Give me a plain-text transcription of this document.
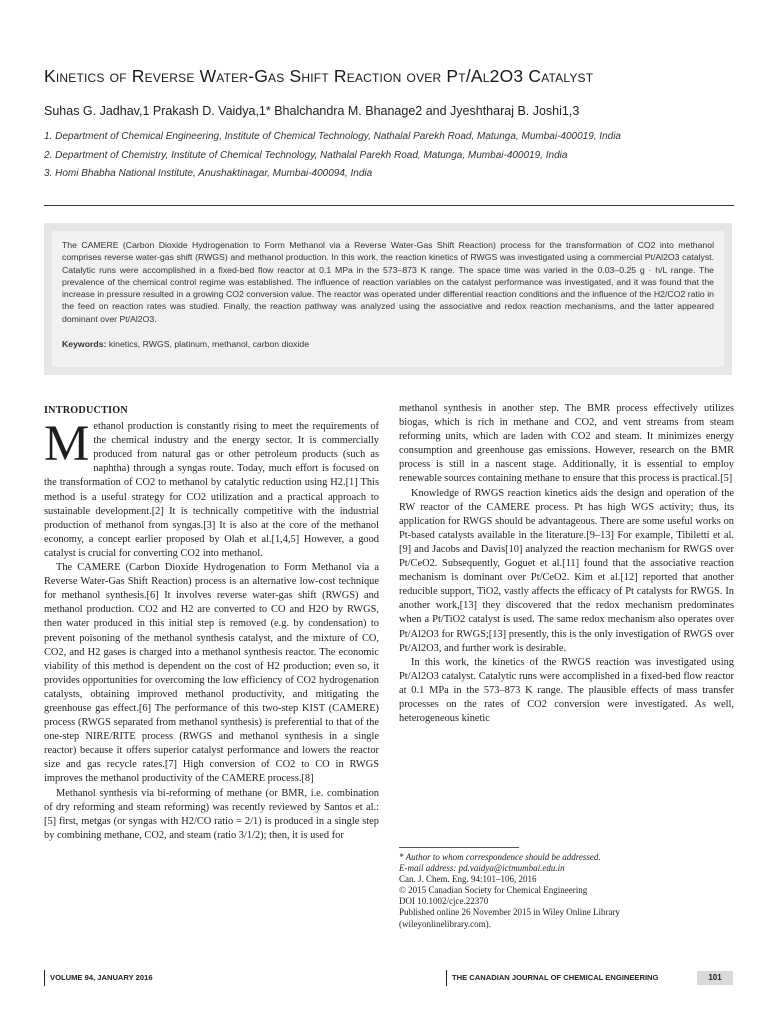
Kinetics of Reverse Water-Gas Shift Reaction over Pt/Al2O3 Catalyst
Suhas G. Jadhav,1 Prakash D. Vaidya,1* Bhalchandra M. Bhanage2 and Jyeshtharaj B. Joshi1,3
1. Department of Chemical Engineering, Institute of Chemical Technology, Nathalal Parekh Road, Matunga, Mumbai-400019, India
2. Department of Chemistry, Institute of Chemical Technology, Nathalal Parekh Road, Matunga, Mumbai-400019, India
3. Homi Bhabha National Institute, Anushaktinagar, Mumbai-400094, India

The CAMERE (Carbon Dioxide Hydrogenation to Form Methanol via a Reverse Water-Gas Shift Reaction) process for the transformation of CO2 into methanol comprises reverse water-gas shift (RWGS) and methanol production. In this work, the reaction kinetics of RWGS was investigated using a commercial Pt/Al2O3 catalyst. Catalytic runs were accomplished in a fixed-bed flow reactor at 0.1 MPa in the 573–873 K range. The space time was varied in the 0.03–0.25 g · h/L range. The prevalence of the chemical control regime was established. The influence of reaction variables on the catalyst performance was investigated, and it was found that the increase in pressure resulted in a growing CO2 conversion value. The reactor was operated under differential reaction conditions and the influence of the H2/CO2 ratio in the feed on reaction rates was studied. Finally, the reaction pathway was analyzed using the associative and redox reaction mechanisms, and the latter appeared dominant over Pt/Al2O3.

Keywords: kinetics, RWGS, platinum, methanol, carbon dioxide
INTRODUCTION

Methanol production is constantly rising to meet the requirements of the chemical industry and the energy sector. It is commercially produced from natural gas or other petroleum products (such as naphtha) through a syngas route. Today, much effort is focused on the transformation of CO2 to methanol by catalytic reduction using H2.[1] This method is a useful strategy for CO2 utilization and a practical approach to sustainable development.[2] It is technically competitive with the industrial production of methanol from syngas.[3] It is also at the core of the methanol economy, a concept earlier proposed by Olah et al.[1,4,5] However, a good catalyst is crucial for converting CO2 into methanol.

The CAMERE (Carbon Dioxide Hydrogenation to Form Methanol via a Reverse Water-Gas Shift Reaction) process is an alternative low-cost technique for methanol synthesis.[6] It involves reverse water-gas shift (RWGS) and methanol production. CO2 and H2 are converted to CO and H2O by RWGS, then water produced in this initial step is removed (e.g. by condensation) to prevent poisoning of the methanol synthesis catalyst, and the mixture of CO, CO2, and H2 gases is charged into a methanol synthesis reactor. The economic viability of this method is dependent on the cost of H2 production; even so, it provides opportunities for overcoming the low efficiency of CO2 hydrogenation catalysts, obtaining improved methanol productivity, and mitigating the greenhouse gas effect.[6] The performance of this two-step KIST (CAMERE) process (RWGS separated from methanol synthesis) is preferential to that of the one-step NIRE/RITE process (RWGS and methanol synthesis in a single reactor) because it offers superior catalyst performance and lowers the reactor size and gas recycle rates.[7] High conversion of CO2 to CO in RWGS improves the methanol productivity of the CAMERE process.[8]

Methanol synthesis via bi-reforming of methane (or BMR, i.e. combination of dry reforming and steam reforming) was recently reviewed by Santos et al.:[5] first, metgas (or syngas with H2/CO ratio = 2/1) is produced in a single step by combining methane, CO2, and steam (ratio 3/1/2); then, it is used for

methanol synthesis in another step. The BMR process effectively utilizes biogas, which is rich in methane and CO2, and vent streams from steam reforming units, which are laden with CO2 and steam. It minimizes energy consumption and greenhouse gas emissions. However, research on the BMR process is still in a nascent stage. Additionally, it is essential to employ renewable sources containing methane to ensure that this process is practical.[5]

Knowledge of RWGS reaction kinetics aids the design and operation of the RW reactor of the CAMERE process. Pt has high WGS activity; thus, its application for RWGS should be advantageous. There are some useful works on Pt-based catalysts available in the literature.[9–13] For example, Tibiletti et al.[9] and Jacobs and Davis[10] analyzed the reaction mechanism for RWGS over Pt/CeO2. Subsequently, Goguet et al.[11] found that the associative reaction mechanism is dominant over Pt/CeO2. Kim et al.[12] reported that another reducible support, TiO2, vastly affects the efficacy of Pt catalysts for RWGS. In another work,[13] they discovered that the redox mechanism predominates when a Pt/TiO2 catalyst is used. The same redox mechanism also operates over Pt/Al2O3 for RWGS;[13] presently, this is the only investigation of RWGS over Pt/Al2O3, and further work is desirable.

In this work, the kinetics of the RWGS reaction was investigated using Pt/Al2O3 catalyst. Catalytic runs were accomplished in a fixed-bed flow reactor at 0.1 MPa in the 573–873 K range. The plausible effects of mass transfer processes on the rates of CO2 conversion were investigated. As well, heterogeneous kinetic

* Author to whom correspondence should be addressed.
E-mail address: pd.vaidya@ictmumbai.edu.in
Can. J. Chem. Eng. 94:101–106, 2016
© 2015 Canadian Society for Chemical Engineering
DOI 10.1002/cjce.22370
Published online 26 November 2015 in Wiley Online Library
(wileyonlinelibrary.com).
VOLUME 94, JANUARY 2016	THE CANADIAN JOURNAL OF CHEMICAL ENGINEERING	101
